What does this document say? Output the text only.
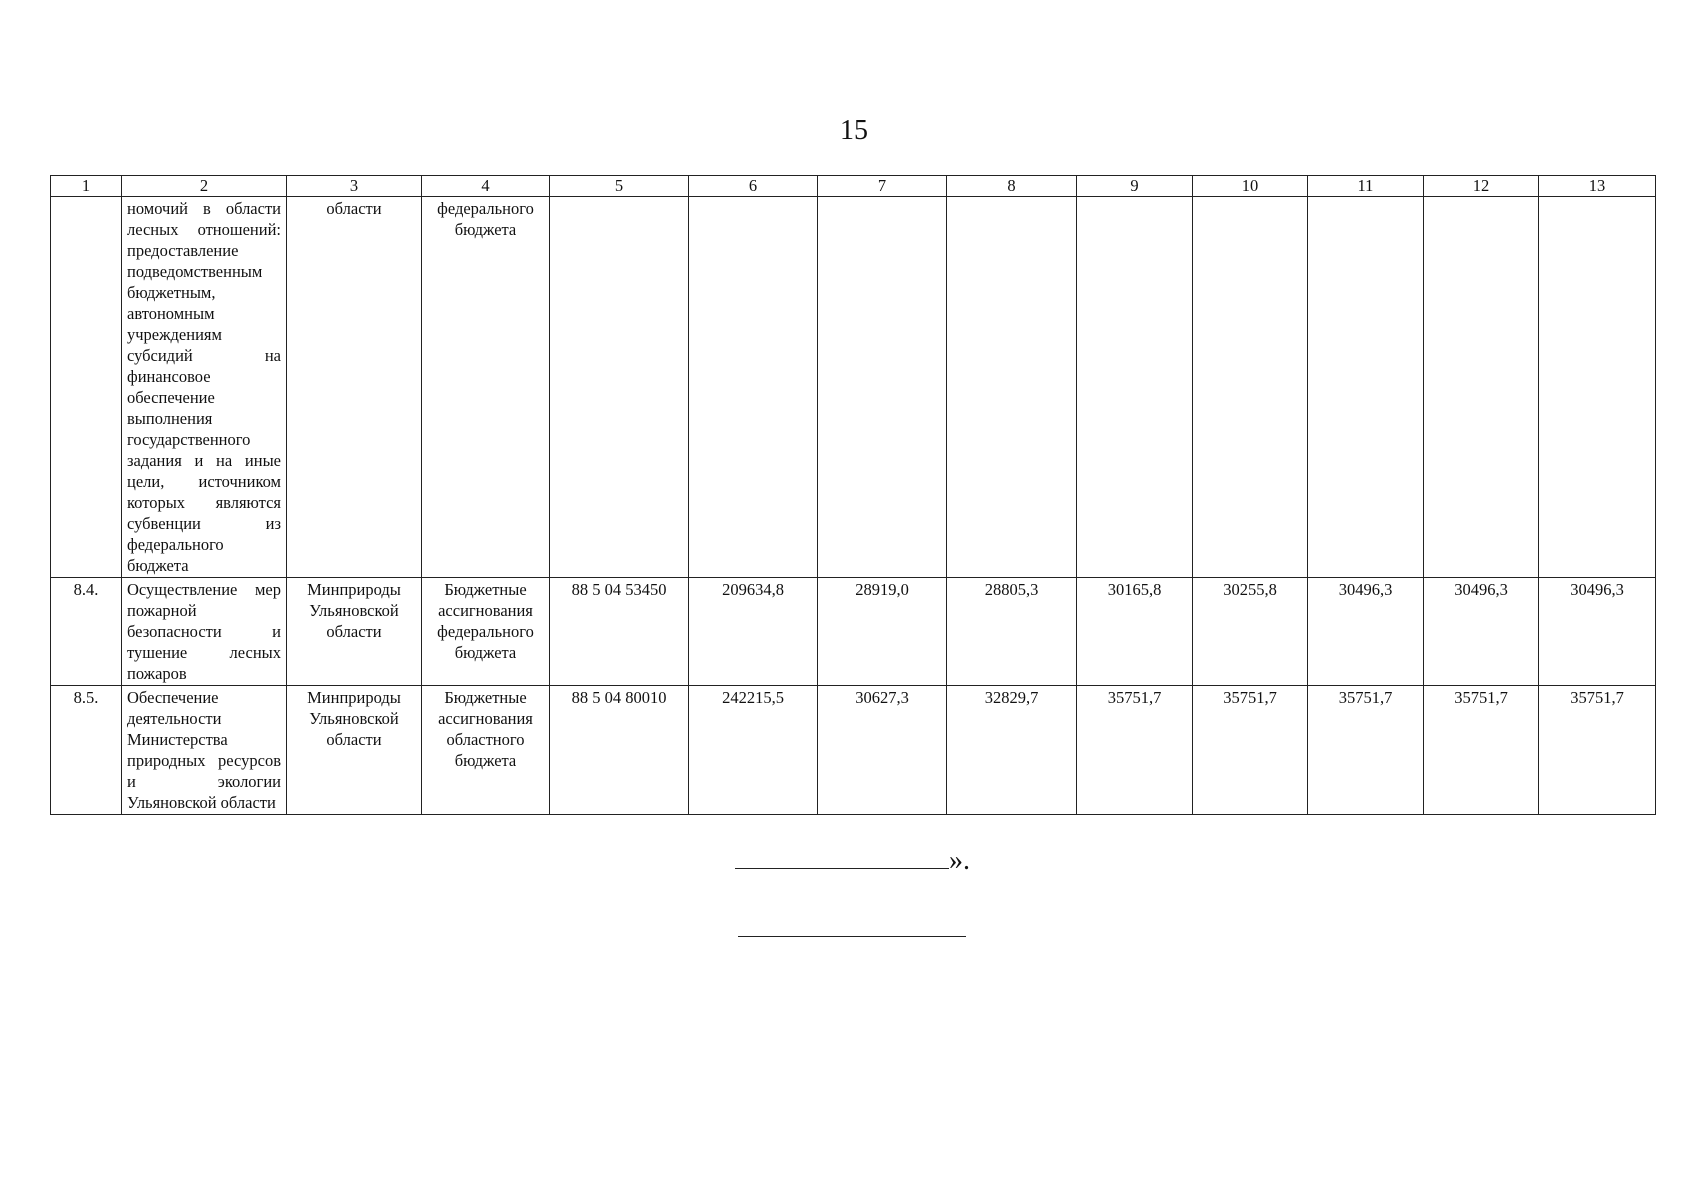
15
1	2	3	4	5	6	7	8	9	10	11	12	13
	номочий в области лесных отношений: предоставление подведомственным бюджетным, автономным учреждениям субсидий на финансовое обеспечение выполнения государственного задания и на иные цели, источником которых являются субвенции из федерального бюджета	области	федерального бюджета									
8.4.	Осуществление мер пожарной безопасности и тушение лесных пожаров	Минприроды Ульяновской области	Бюджетные ассигнования федерального бюджета	88 5 04 53450	209634,8	28919,0	28805,3	30165,8	30255,8	30496,3	30496,3	30496,3
8.5.	Обеспечение деятельности Министерства природных ресурсов и экологии Ульяновской области	Минприроды Ульяновской области	Бюджетные ассигнования областного бюджета	88 5 04 80010	242215,5	30627,3	32829,7	35751,7	35751,7	35751,7	35751,7	35751,7
».
